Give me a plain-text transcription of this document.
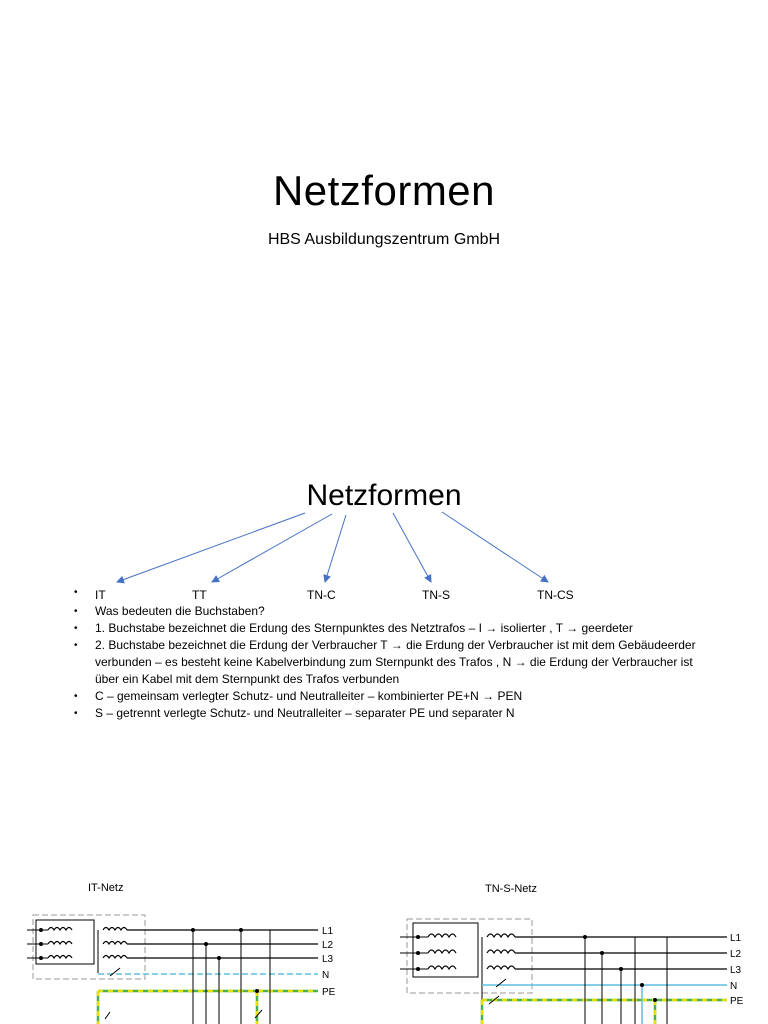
Netzformen
HBS Ausbildungszentrum GmbH
Netzformen
IT	TT	TN-C	TN-S	TN-CS
•
• Was bedeuten die Buchstaben?
• 1. Buchstabe bezeichnet die Erdung des Sternpunktes des Netztrafos – I → isolierter , T → geerdeter
• 2. Buchstabe bezeichnet die Erdung der Verbraucher T → die Erdung der Verbraucher ist mit dem Gebäudeerder verbunden – es besteht keine Kabelverbindung zum Sternpunkt des Trafos , N → die Erdung der Verbraucher ist über ein Kabel mit dem Sternpunkt des Trafos verbunden
• C – gemeinsam verlegter Schutz- und Neutralleiter – kombinierter PE+N → PEN
• S – getrennt verlegte Schutz- und Neutralleiter – separater PE und separater N
IT-Netz	TN-S-Netz
L1
L2
L3
N
PE
L1
L2
L3
N
PE
